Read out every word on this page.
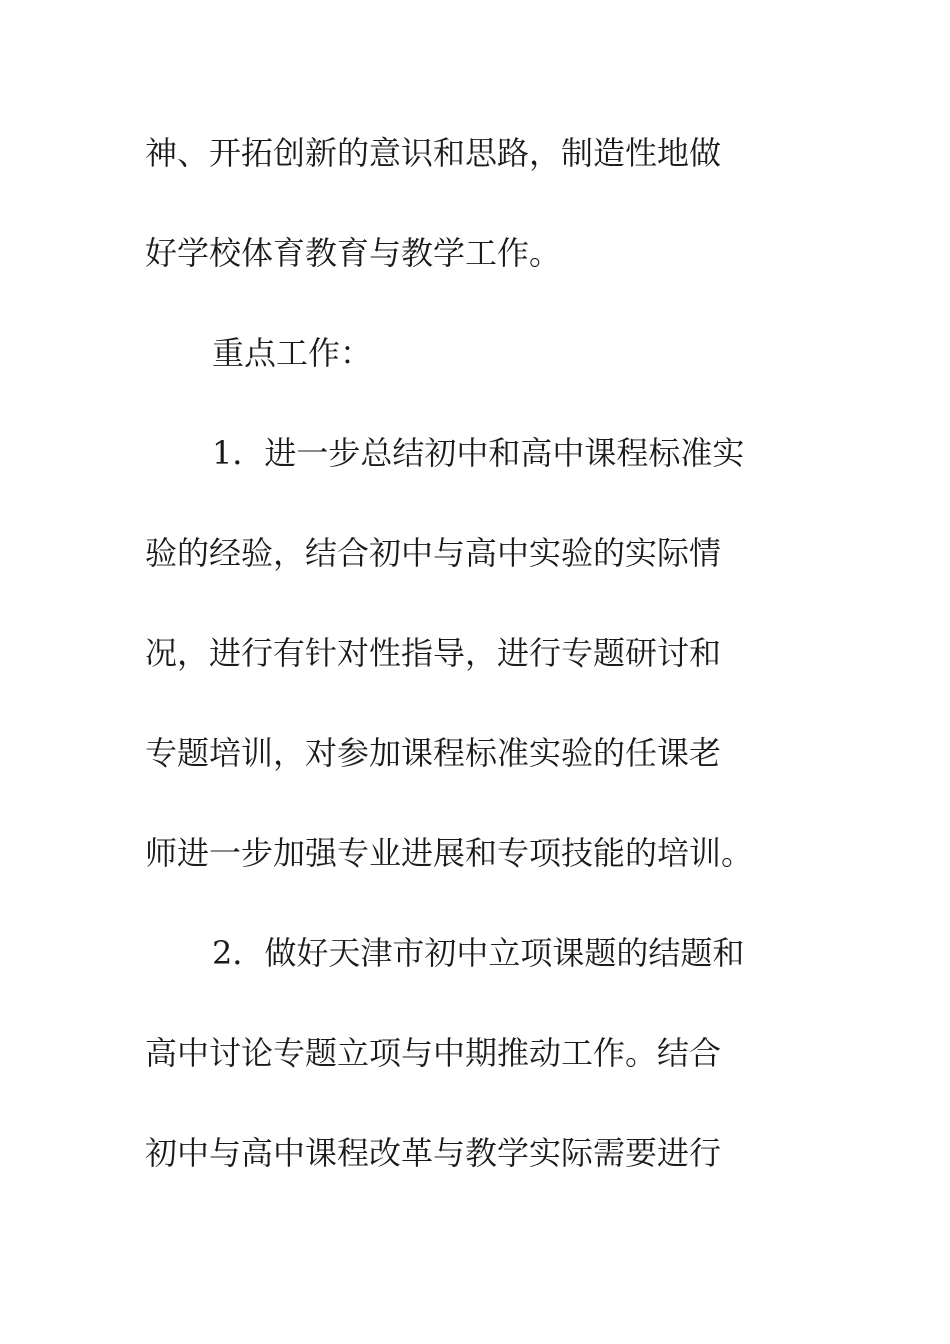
神、开拓创新的意识和思路，制造性地做
好学校体育教育与教学工作。
重点工作：
1．进一步总结初中和高中课程标准实
验的经验，结合初中与高中实验的实际情
况，进行有针对性指导，进行专题研讨和
专题培训，对参加课程标准实验的任课老
师进一步加强专业进展和专项技能的培训。
2．做好天津市初中立项课题的结题和
高中讨论专题立项与中期推动工作。结合
初中与高中课程改革与教学实际需要进行
